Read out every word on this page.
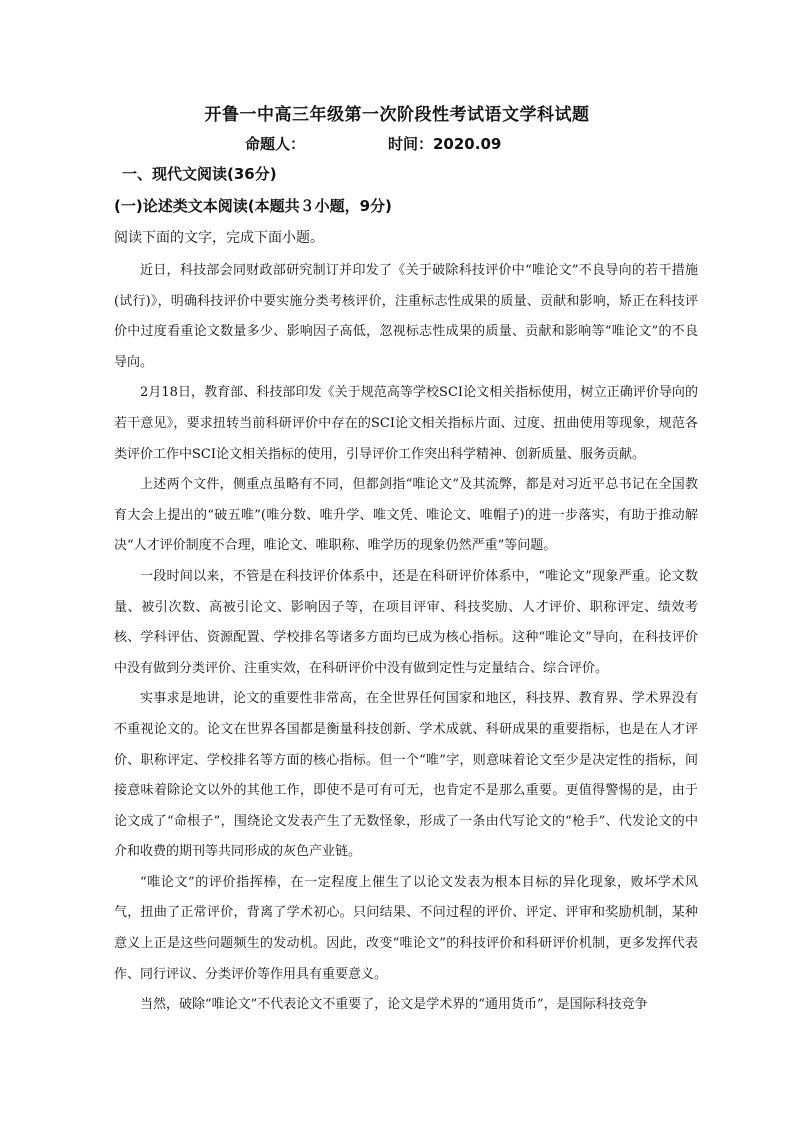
开鲁一中高三年级第一次阶段性考试语文学科试题
命题人：	时间：2020.09
一、现代文阅读(36分)
(一)论述类文本阅读(本题共３小题，9分)
阅读下面的文字，完成下面小题。

近日，科技部会同财政部研究制订并印发了《关于破除科技评价中“唯论文”不良导向的若干措施(试行)》，明确科技评价中要实施分类考核评价，注重标志性成果的质量、贡献和影响，矫正在科技评价中过度看重论文数量多少、影响因子高低，忽视标志性成果的质量、贡献和影响等“唯论文”的不良导向。

2月18日，教育部、科技部印发《关于规范高等学校SCI论文相关指标使用，树立正确评价导向的若干意见》，要求扭转当前科研评价中存在的SCI论文相关指标片面、过度、扭曲使用等现象，规范各类评价工作中SCI论文相关指标的使用，引导评价工作突出科学精神、创新质量、服务贡献。

上述两个文件，侧重点虽略有不同，但都剑指“唯论文”及其流弊，都是对习近平总书记在全国教育大会上提出的“破五唯”(唯分数、唯升学、唯文凭、唯论文、唯帽子)的进一步落实，有助于推动解决“人才评价制度不合理，唯论文、唯职称、唯学历的现象仍然严重”等问题。

一段时间以来，不管是在科技评价体系中，还是在科研评价体系中，“唯论文”现象严重。论文数量、被引次数、高被引论文、影响因子等，在项目评审、科技奖励、人才评价、职称评定、绩效考核、学科评估、资源配置、学校排名等诸多方面均已成为核心指标。这种“唯论文”导向，在科技评价中没有做到分类评价、注重实效，在科研评价中没有做到定性与定量结合、综合评价。

实事求是地讲，论文的重要性非常高，在全世界任何国家和地区，科技界、教育界、学术界没有不重视论文的。论文在世界各国都是衡量科技创新、学术成就、科研成果的重要指标，也是在人才评价、职称评定、学校排名等方面的核心指标。但一个“唯”字，则意味着论文至少是决定性的指标，间接意味着除论文以外的其他工作，即使不是可有可无，也肯定不是那么重要。更值得警惕的是，由于论文成了“命根子”，围绕论文发表产生了无数怪象，形成了一条由代写论文的“枪手”、代发论文的中介和收费的期刊等共同形成的灰色产业链。

“唯论文”的评价指挥棒，在一定程度上催生了以论文发表为根本目标的异化现象，败坏学术风气，扭曲了正常评价，背离了学术初心。只问结果、不问过程的评价、评定、评审和奖励机制，某种意义上正是这些问题频生的发动机。因此，改变“唯论文”的科技评价和科研评价机制，更多发挥代表作、同行评议、分类评价等作用具有重要意义。

当然，破除“唯论文”不代表论文不重要了，论文是学术界的“通用货币”，是国际科技竞争
